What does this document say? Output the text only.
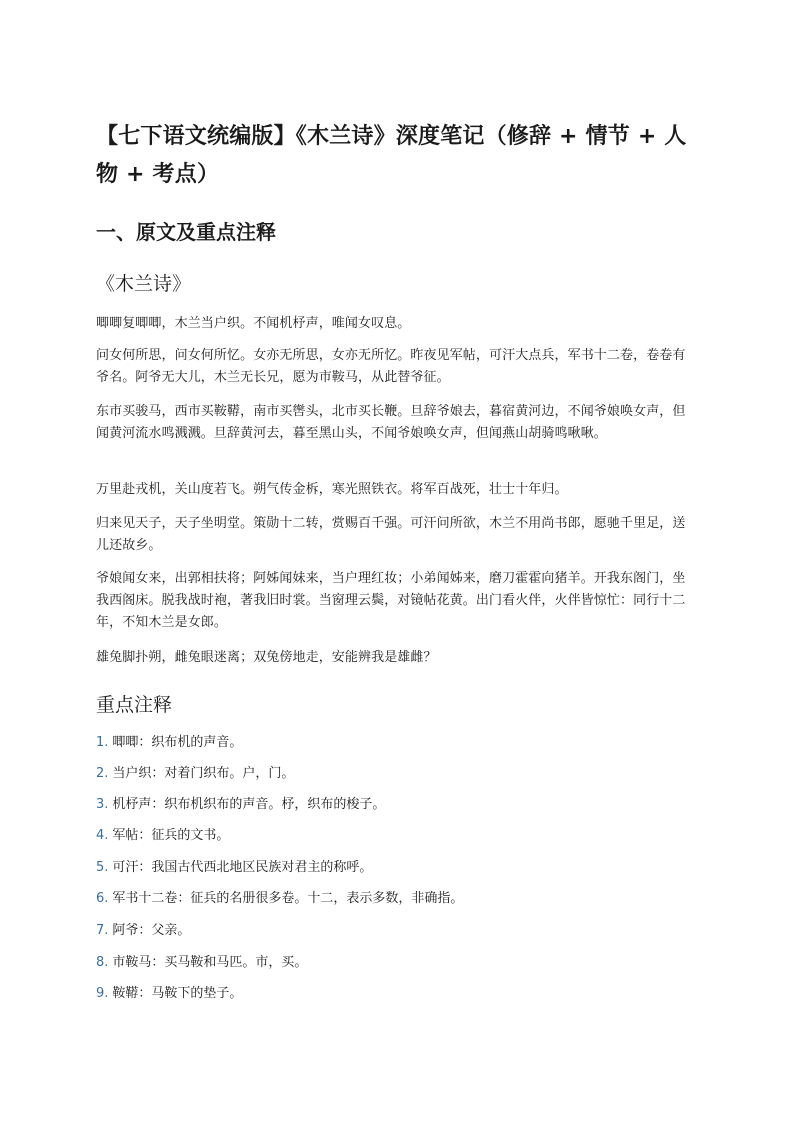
【七下语文统编版】《木兰诗》深度笔记（修辞 + 情节 + 人物 + 考点）
一、原文及重点注释
《木兰诗》

唧唧复唧唧，木兰当户织。不闻机杼声，唯闻女叹息。

问女何所思，问女何所忆。女亦无所思，女亦无所忆。昨夜见军帖，可汗大点兵，军书十二卷，卷卷有爷名。阿爷无大儿，木兰无长兄，愿为市鞍马，从此替爷征。

东市买骏马，西市买鞍鞯，南市买辔头，北市买长鞭。旦辞爷娘去，暮宿黄河边，不闻爷娘唤女声，但闻黄河流水鸣溅溅。旦辞黄河去，暮至黑山头，不闻爷娘唤女声，但闻燕山胡骑鸣啾啾。

万里赴戎机，关山度若飞。朔气传金柝，寒光照铁衣。将军百战死，壮士十年归。

归来见天子，天子坐明堂。策勋十二转，赏赐百千强。可汗问所欲，木兰不用尚书郎，愿驰千里足，送儿还故乡。

爷娘闻女来，出郭相扶将；阿姊闻妹来，当户理红妆；小弟闻姊来，磨刀霍霍向猪羊。开我东阁门，坐我西阁床。脱我战时袍，著我旧时裳。当窗理云鬓，对镜帖花黄。出门看火伴，火伴皆惊忙：同行十二年，不知木兰是女郎。

雄兔脚扑朔，雌兔眼迷离；双兔傍地走，安能辨我是雄雌？

重点注释
1. 唧唧：织布机的声音。
2. 当户织：对着门织布。户，门。
3. 机杼声：织布机织布的声音。杼，织布的梭子。
4. 军帖：征兵的文书。
5. 可汗：我国古代西北地区民族对君主的称呼。
6. 军书十二卷：征兵的名册很多卷。十二，表示多数，非确指。
7. 阿爷：父亲。
8. 市鞍马：买马鞍和马匹。市，买。
9. 鞍鞯：马鞍下的垫子。
